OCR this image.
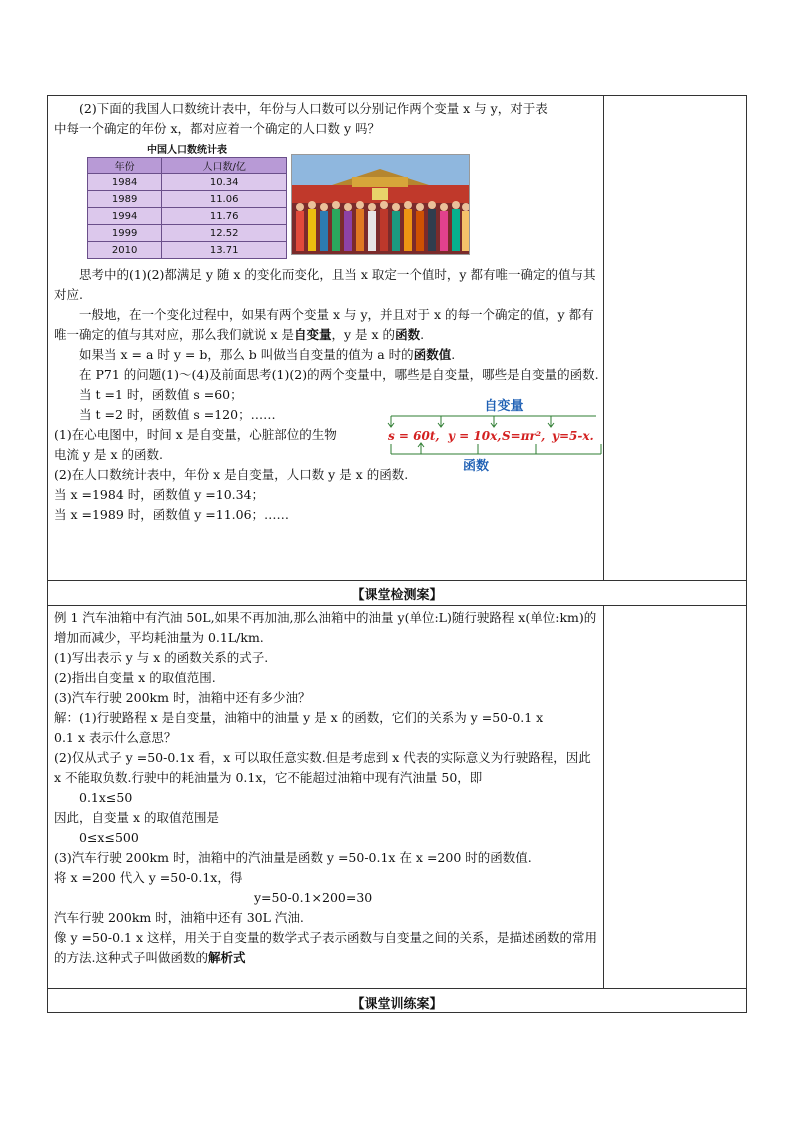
(2)下面的我国人口数统计表中，年份与人口数可以分别记作两个变量 x 与 y，对于表

中每一个确定的年份 x，都对应着一个确定的人口数 y 吗？

中国人口数统计表
年份	人口数/亿
1984	10.34
1989	11.06
1994	11.76
1999	12.52
2010	13.71

思考中的(1)(2)都满足 y 随 x 的变化而变化，且当 x 取定一个值时，y 都有唯一确定的值与其对应.

一般地，在一个变化过程中，如果有两个变量 x 与 y，并且对于 x 的每一个确定的值，y 都有唯一确定的值与其对应，那么我们就说 x 是自变量，y 是 x 的函数.

如果当 x = a 时 y = b，那么 b 叫做当自变量的值为 a 时的函数值.

在 P71 的问题(1)～(4)及前面思考(1)(2)的两个变量中，哪些是自变量，哪些是自变量的函数.

当 t =1 时，函数值 s =60；

当 t =2 时，函数值 s =120；……

(1)在心电图中，时间 x 是自变量，心脏部位的生物

电流 y 是 x 的函数.

(2)在人口数统计表中，年份 x 是自变量，人口数 y 是 x 的函数.

当 x =1984 时，函数值 y =10.34；

当 x =1989 时，函数值 y =11.06；……

自变量
s = 60t, y = 10x, S=πr², y=5-x.
函数
【课堂检测案】

例 1 汽车油箱中有汽油 50L,如果不再加油,那么油箱中的油量 y(单位:L)随行驶路程 x(单位:km)的增加而减少，平均耗油量为 0.1L/km.

(1)写出表示 y 与 x 的函数关系的式子.

(2)指出自变量 x 的取值范围.

(3)汽车行驶 200km 时，油箱中还有多少油？

解：(1)行驶路程 x 是自变量，油箱中的油量 y 是 x 的函数，它们的关系为 y =50-0.1 x

0.1 x 表示什么意思？

(2)仅从式子 y =50-0.1x 看，x 可以取任意实数.但是考虑到 x 代表的实际意义为行驶路程，因此 x 不能取负数.行驶中的耗油量为 0.1x，它不能超过油箱中现有汽油量 50，即

0.1x≤50

因此，自变量 x 的取值范围是

0≤x≤500

(3)汽车行驶 200km 时，油箱中的汽油量是函数 y =50-0.1x 在 x =200 时的函数值.

将 x =200 代入 y =50-0.1x，得

y=50-0.1×200=30

汽车行驶 200km 时，油箱中还有 30L 汽油.

像 y =50-0.1 x 这样，用关于自变量的数学式子表示函数与自变量之间的关系，是描述函数的常用的方法.这种式子叫做函数的解析式

【课堂训练案】
